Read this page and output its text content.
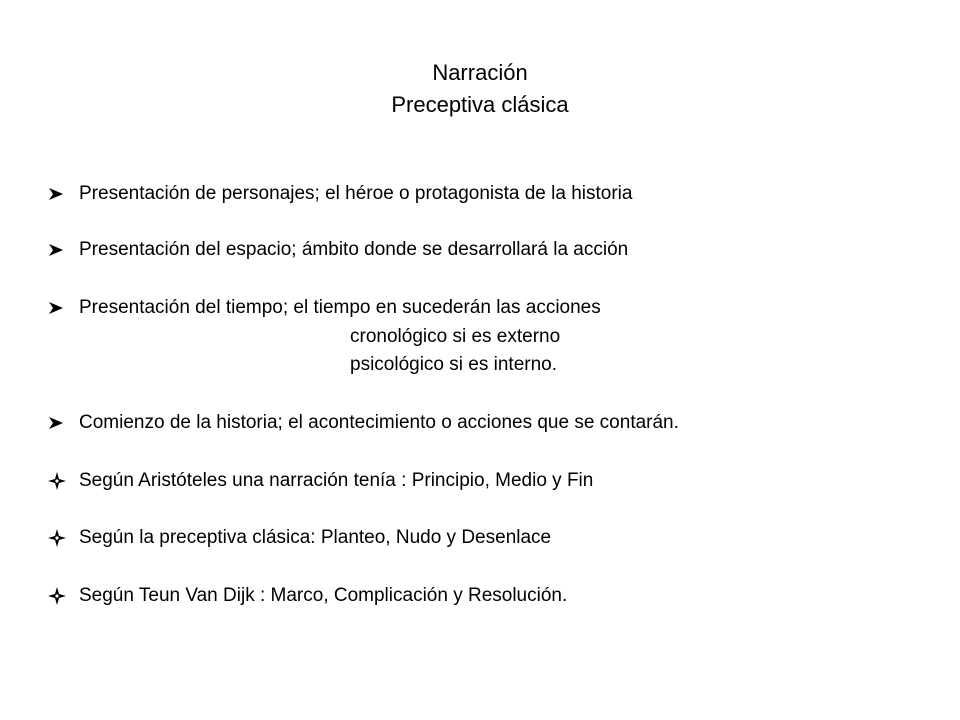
Narración
Preceptiva clásica
Presentación de personajes; el héroe o protagonista de la historia
Presentación del espacio; ámbito donde se desarrollará la acción
Presentación del tiempo; el tiempo en sucederán las acciones
cronológico si es externo
psicológico si es interno.
Comienzo de la historia; el acontecimiento o acciones que se contarán.
Según Aristóteles una narración tenía : Principio, Medio y Fin
Según la preceptiva clásica: Planteo, Nudo y Desenlace
Según Teun Van Dijk : Marco, Complicación y Resolución.
